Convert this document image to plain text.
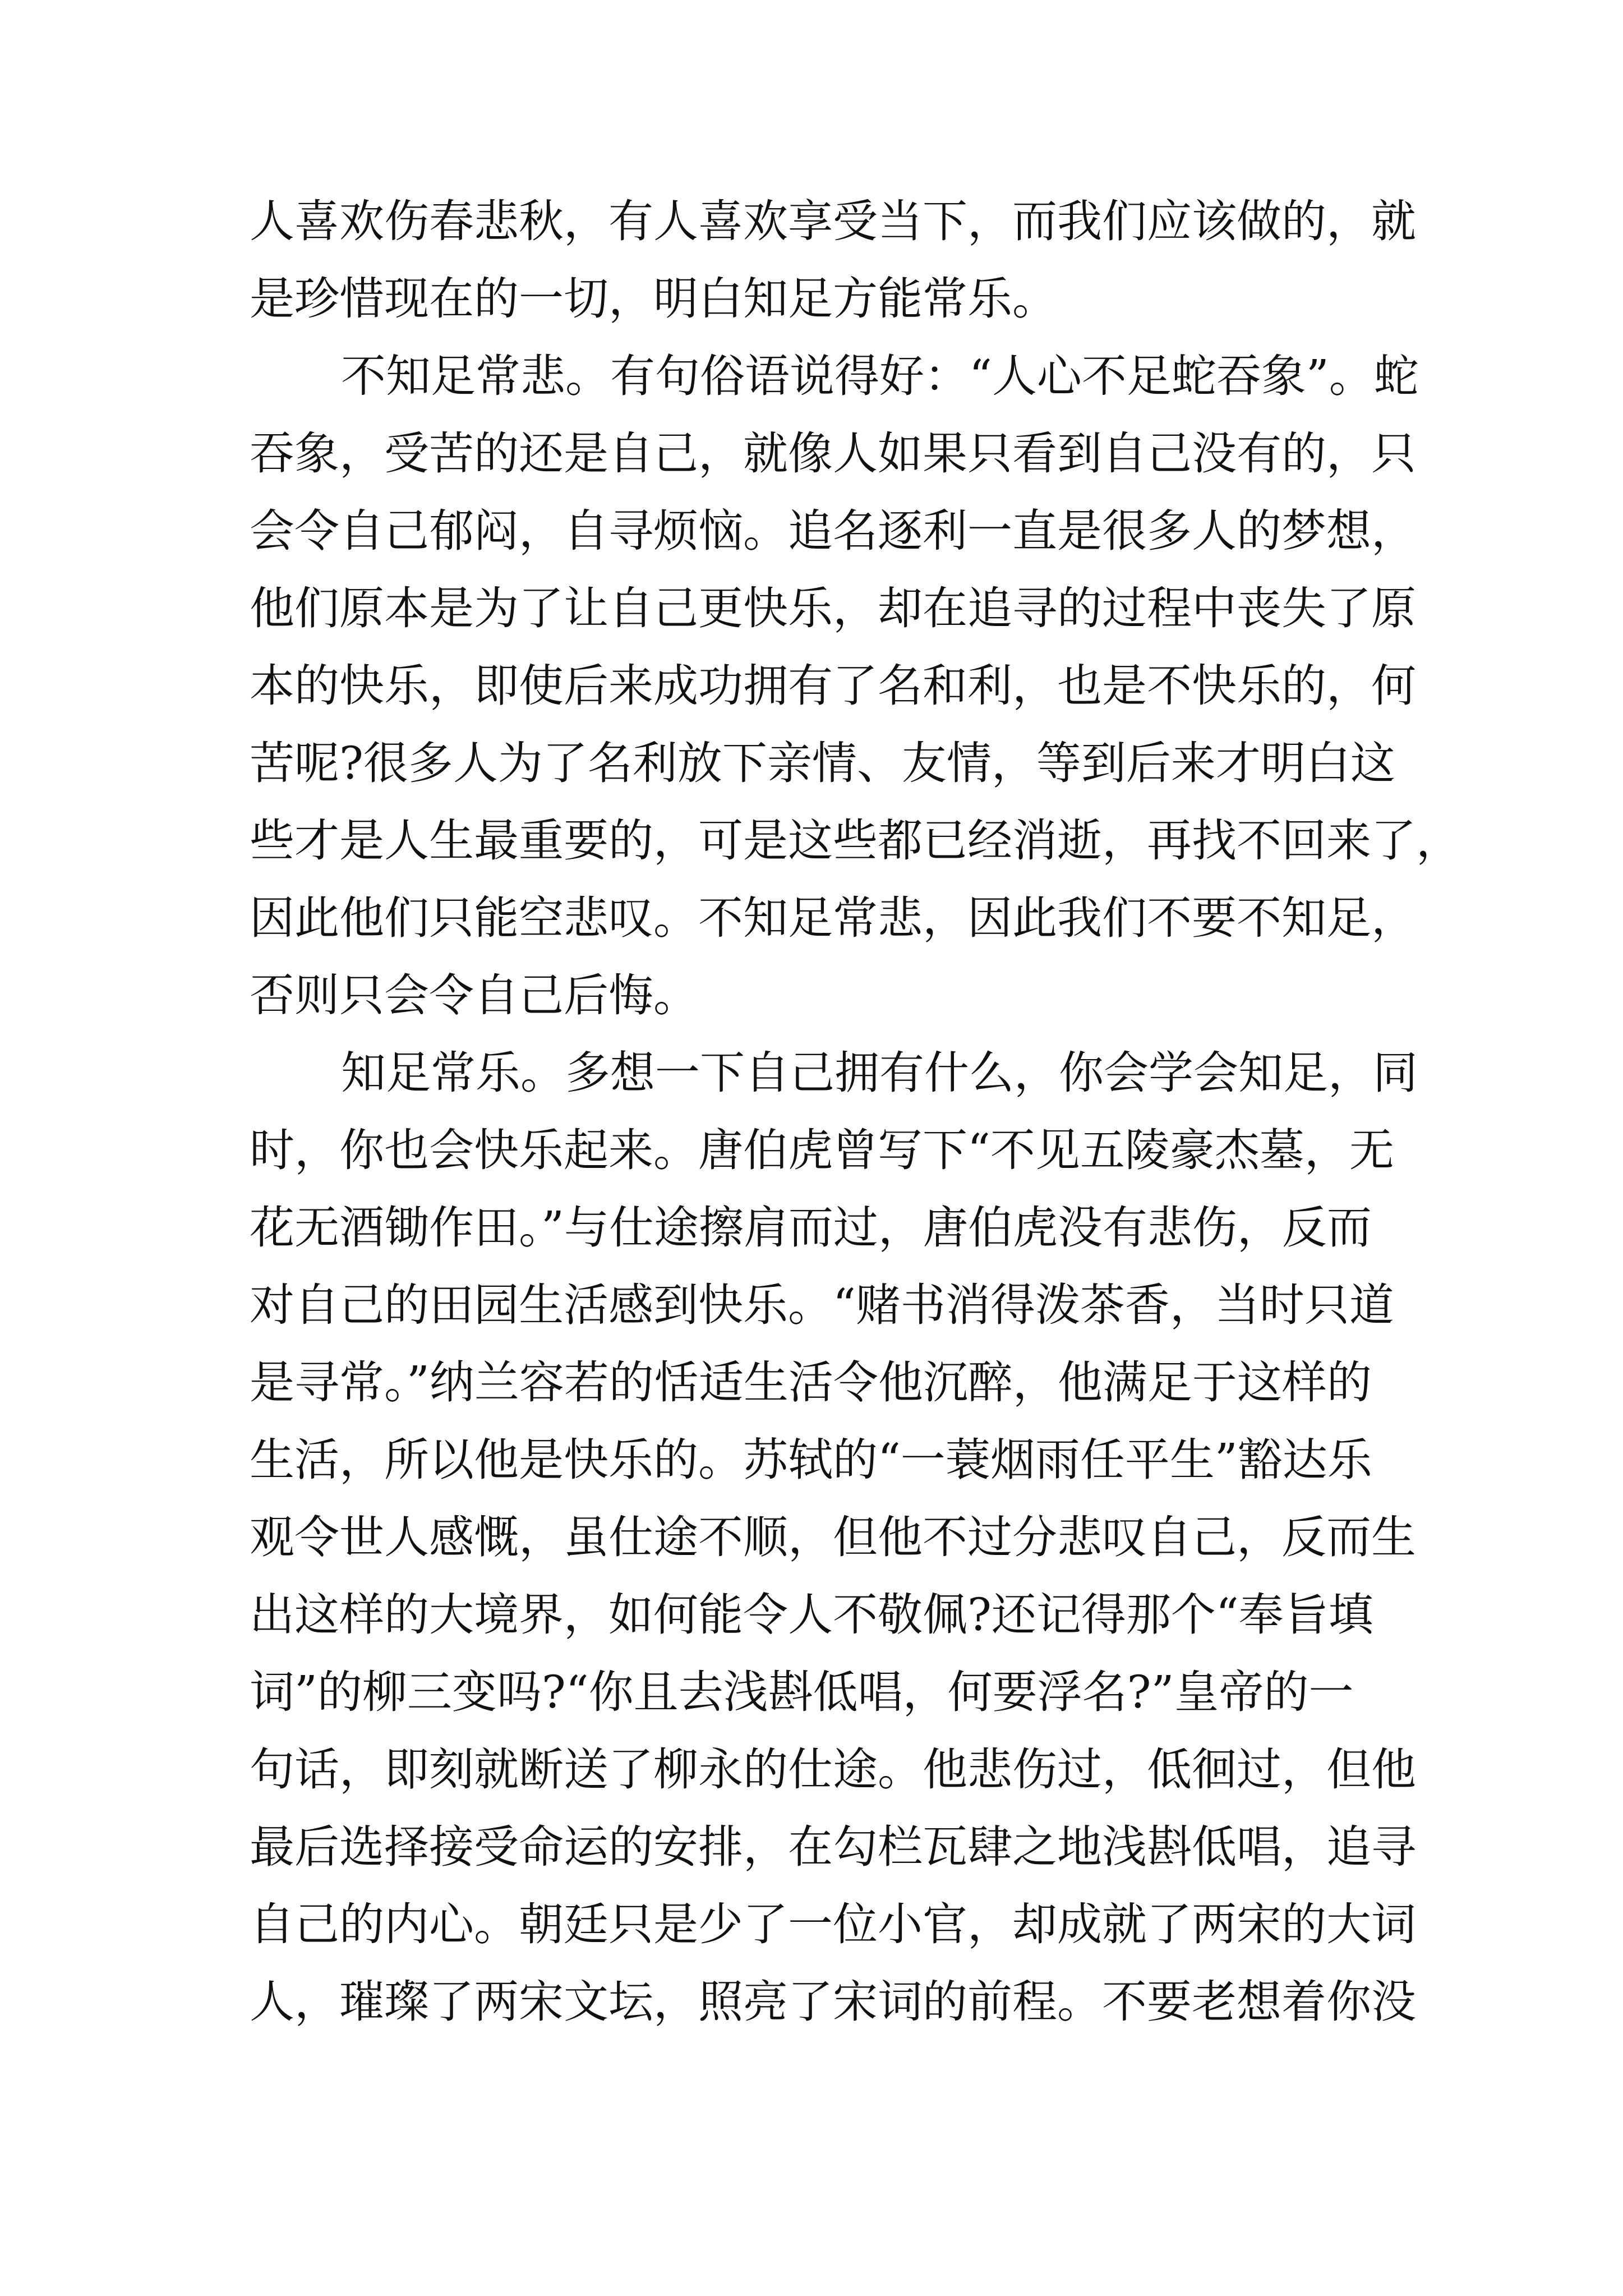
人喜欢伤春悲秋，有人喜欢享受当下，而我们应该做的，就
是珍惜现在的一切，明白知足方能常乐。
不知足常悲。有句俗语说得好：“人心不足蛇吞象”。蛇
吞象，受苦的还是自己，就像人如果只看到自己没有的，只
会令自己郁闷，自寻烦恼。追名逐利一直是很多人的梦想，
他们原本是为了让自己更快乐，却在追寻的过程中丧失了原
本的快乐，即使后来成功拥有了名和利，也是不快乐的，何
苦呢?很多人为了名利放下亲情、友情，等到后来才明白这
些才是人生最重要的，可是这些都已经消逝，再找不回来了，
因此他们只能空悲叹。不知足常悲，因此我们不要不知足，
否则只会令自己后悔。
知足常乐。多想一下自己拥有什么，你会学会知足，同
时，你也会快乐起来。唐伯虎曾写下“不见五陵豪杰墓，无
花无酒锄作田。”与仕途擦肩而过，唐伯虎没有悲伤，反而
对自己的田园生活感到快乐。“赌书消得泼茶香，当时只道
是寻常。”纳兰容若的恬适生活令他沉醉，他满足于这样的
生活，所以他是快乐的。苏轼的“一蓑烟雨任平生”豁达乐
观令世人感慨，虽仕途不顺，但他不过分悲叹自己，反而生
出这样的大境界，如何能令人不敬佩?还记得那个“奉旨填
词”的柳三变吗?“你且去浅斟低唱，何要浮名?”皇帝的一
句话，即刻就断送了柳永的仕途。他悲伤过，低徊过，但他
最后选择接受命运的安排，在勾栏瓦肆之地浅斟低唱，追寻
自己的内心。朝廷只是少了一位小官，却成就了两宋的大词
人，璀璨了两宋文坛，照亮了宋词的前程。不要老想着你没
